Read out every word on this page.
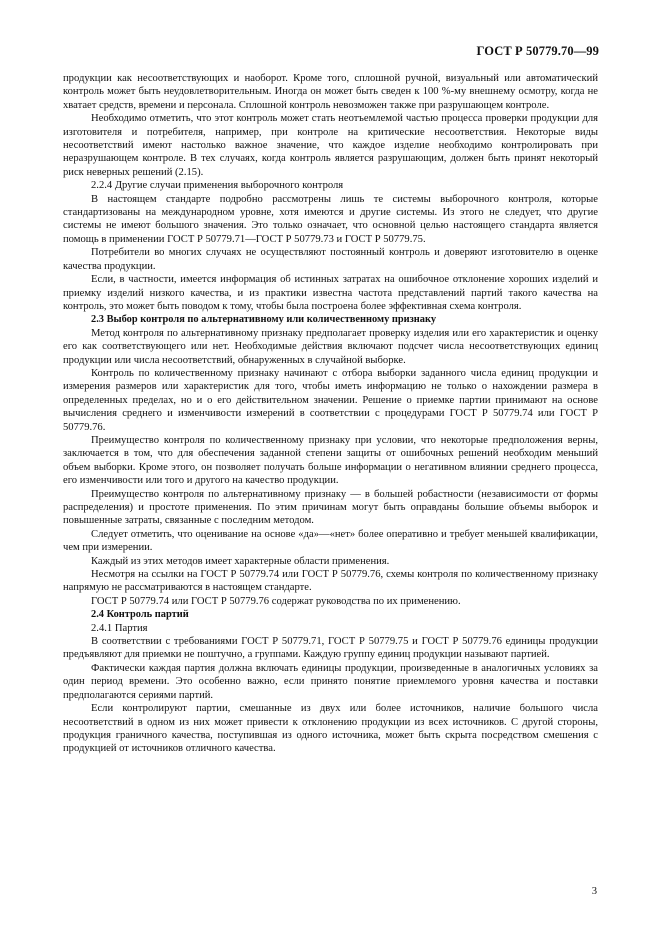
ГОСТ Р 50779.70—99

продукции как несоответствующих и наоборот. Кроме того, сплошной ручной, визуальный или автоматический контроль может быть неудовлетворительным. Иногда он может быть сведен к 100 %-му внешнему осмотру, когда не хватает средств, времени и персонала. Сплошной контроль невозможен также при разрушающем контроле.

Необходимо отметить, что этот контроль может стать неотъемлемой частью процесса проверки продукции для изготовителя и потребителя, например, при контроле на критические несоответствия. Некоторые виды несоответствий имеют настолько важное значение, что каждое изделие необходимо контролировать при неразрушающем контроле. В тех случаях, когда контроль является разрушающим, должен быть принят некоторый риск неверных решений (2.15).

2.2.4 Другие случаи применения выборочного контроля

В настоящем стандарте подробно рассмотрены лишь те системы выборочного контроля, которые стандартизованы на международном уровне, хотя имеются и другие системы. Из этого не следует, что другие системы не имеют большого значения. Это только означает, что основной целью настоящего стандарта является помощь в применении ГОСТ Р 50779.71—ГОСТ Р 50779.73 и ГОСТ Р 50779.75.

Потребители во многих случаях не осуществляют постоянный контроль и доверяют изготовителю в оценке качества продукции.

Если, в частности, имеется информация об истинных затратах на ошибочное отклонение хороших изделий и приемку изделий низкого качества, и из практики известна частота представлений партий такого качества на контроль, это может быть поводом к тому, чтобы была построена более эффективная схема контроля.

2.3 Выбор контроля по альтернативному или количественному признаку

Метод контроля по альтернативному признаку предполагает проверку изделия или его характеристик и оценку его как соответствующего или нет. Необходимые действия включают подсчет числа несоответствующих единиц продукции или числа несоответствий, обнаруженных в случайной выборке.

Контроль по количественному признаку начинают с отбора выборки заданного числа единиц продукции и измерения размеров или характеристик для того, чтобы иметь информацию не только о нахождении размера в определенных пределах, но и о его действительном значении. Решение о приемке партии принимают на основе вычисления среднего и изменчивости измерений в соответствии с процедурами ГОСТ Р 50779.74 или ГОСТ Р 50779.76.

Преимущество контроля по количественному признаку при условии, что некоторые предположения верны, заключается в том, что для обеспечения заданной степени защиты от ошибочных решений необходим меньший объем выборки. Кроме этого, он позволяет получать больше информации о негативном влиянии среднего процесса, его изменчивости или того и другого на качество продукции.

Преимущество контроля по альтернативному признаку — в большей робастности (независимости от формы распределения) и простоте применения. По этим причинам могут быть оправданы большие объемы выборок и повышенные затраты, связанные с последним методом.

Следует отметить, что оценивание на основе «да»—«нет» более оперативно и требует меньшей квалификации, чем при измерении.

Каждый из этих методов имеет характерные области применения.

Несмотря на ссылки на ГОСТ Р 50779.74 или ГОСТ Р 50779.76, схемы контроля по количественному признаку напрямую не рассматриваются в настоящем стандарте.

ГОСТ Р 50779.74 или ГОСТ Р 50779.76 содержат руководства по их применению.

2.4 Контроль партий

2.4.1 Партия

В соответствии с требованиями ГОСТ Р 50779.71, ГОСТ Р 50779.75 и ГОСТ Р 50779.76 единицы продукции предъявляют для приемки не поштучно, а группами. Каждую группу единиц продукции называют партией.

Фактически каждая партия должна включать единицы продукции, произведенные в аналогичных условиях за один период времени. Это особенно важно, если принято понятие приемлемого уровня качества и поставки предполагаются сериями партий.

Если контролируют партии, смешанные из двух или более источников, наличие большого числа несоответствий в одном из них может привести к отклонению продукции из всех источников. С другой стороны, продукция граничного качества, поступившая из одного источника, может быть скрыта посредством смешения с продукцией от источников отличного качества.

3
